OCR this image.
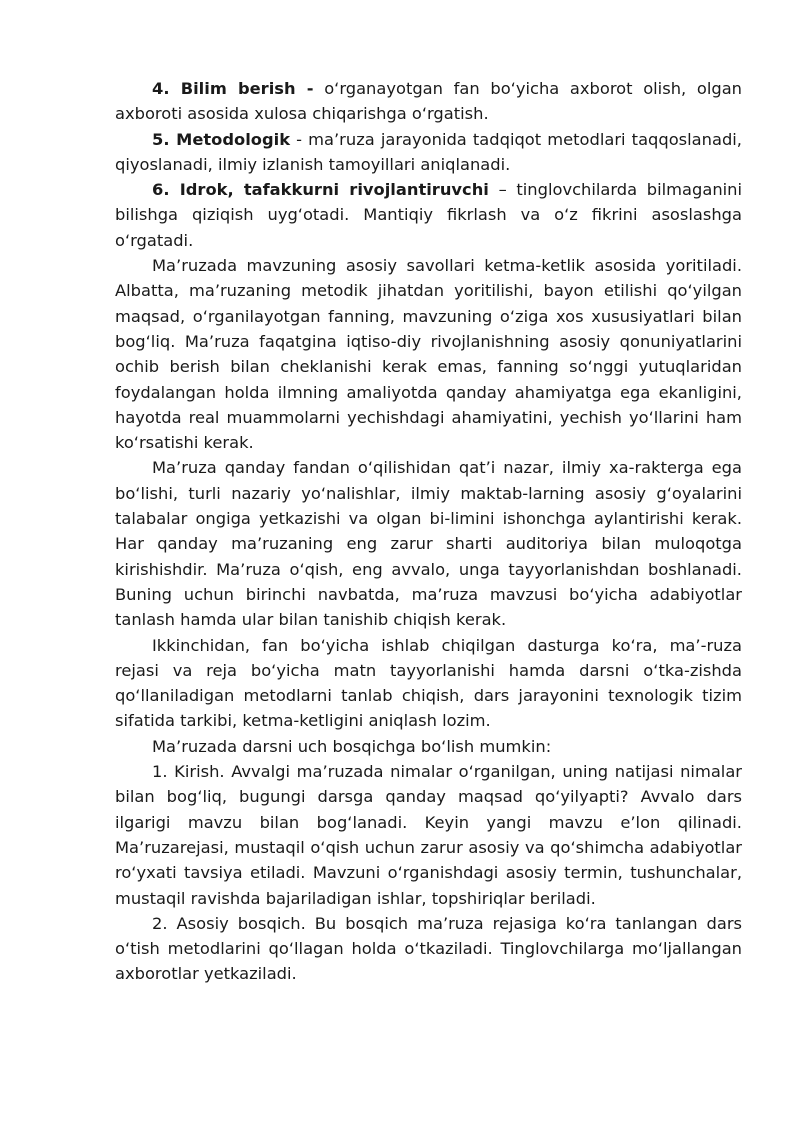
4. Bilim berish - o‘rganayotgan fan bo‘yicha axborot olish, olgan axboroti asosida xulosa chiqarishga o‘rgatish.

5. Metodologik - ma’ruza jarayonida tadqiqot metodlari taqqoslanadi, qiyoslanadi, ilmiy izlanish tamoyillari aniqlanadi.

6. Idrok, tafakkurni rivojlantiruvchi – tinglovchilarda bilmaganini bilishga qiziqish uyg‘otadi. Mantiqiy fikrlash va o‘z fikrini asoslashga o‘rgatadi.

Ma’ruzada mavzuning asosiy savollari ketma-ketlik asosida yoritiladi. Albatta, ma’ruzaning metodik jihatdan yoritilishi, bayon etilishi qo‘yilgan maqsad, o‘rganilayotgan fanning, mavzuning o‘ziga xos xususiyatlari bilan bog‘liq. Ma’ruza faqatgina iqtiso-diy rivojlanishning asosiy qonuniyatlarini ochib berish bilan cheklanishi kerak emas, fanning so‘nggi yutuqlaridan foydalangan holda ilmning amaliyotda qanday ahamiyatga ega ekanligini, hayotda real muammolarni yechishdagi ahamiyatini, yechish yo‘llarini ham ko‘rsatishi kerak.

Ma’ruza qanday fandan o‘qilishidan qat’i nazar, ilmiy xa-rakterga ega bo‘lishi, turli nazariy yo‘nalishlar, ilmiy maktab-larning asosiy g‘oyalarini talabalar ongiga yetkazishi va olgan bi-limini ishonchga aylantirishi kerak. Har qanday ma’ruzaning eng zarur sharti auditoriya bilan muloqotga kirishishdir. Ma’ruza o‘qish, eng avvalo, unga tayyorlanishdan boshlanadi. Buning uchun birinchi navbatda, ma’ruza mavzusi bo‘yicha adabiyotlar tanlash hamda ular bilan tanishib chiqish kerak.

Ikkinchidan, fan bo‘yicha ishlab chiqilgan dasturga ko‘ra, ma’-ruza rejasi va reja bo‘yicha matn tayyorlanishi hamda darsni o‘tka-zishda qo‘llaniladigan metodlarni tanlab chiqish, dars jarayonini texnologik tizim sifatida tarkibi, ketma-ketligini aniqlash lozim.

Ma’ruzada darsni uch bosqichga bo‘lish mumkin:

1. Kirish. Avvalgi ma’ruzada nimalar o‘rganilgan, uning natijasi nimalar bilan bog‘liq, bugungi darsga qanday maqsad qo‘yilyapti? Avvalo dars ilgarigi mavzu bilan bog‘lanadi. Keyin yangi mavzu e’lon qilinadi. Ma’ruzarejasi, mustaqil o‘qish uchun zarur asosiy va qo‘shimcha adabiyotlar ro‘yxati tavsiya etiladi. Mavzuni o‘rganishdagi asosiy termin, tushunchalar, mustaqil ravishda bajariladigan ishlar, topshiriqlar beriladi.

2. Asosiy bosqich. Bu bosqich ma’ruza rejasiga ko‘ra tanlangan dars o‘tish metodlarini qo‘llagan holda o‘tkaziladi. Tinglovchilarga mo‘ljallangan axborotlar yetkaziladi.
